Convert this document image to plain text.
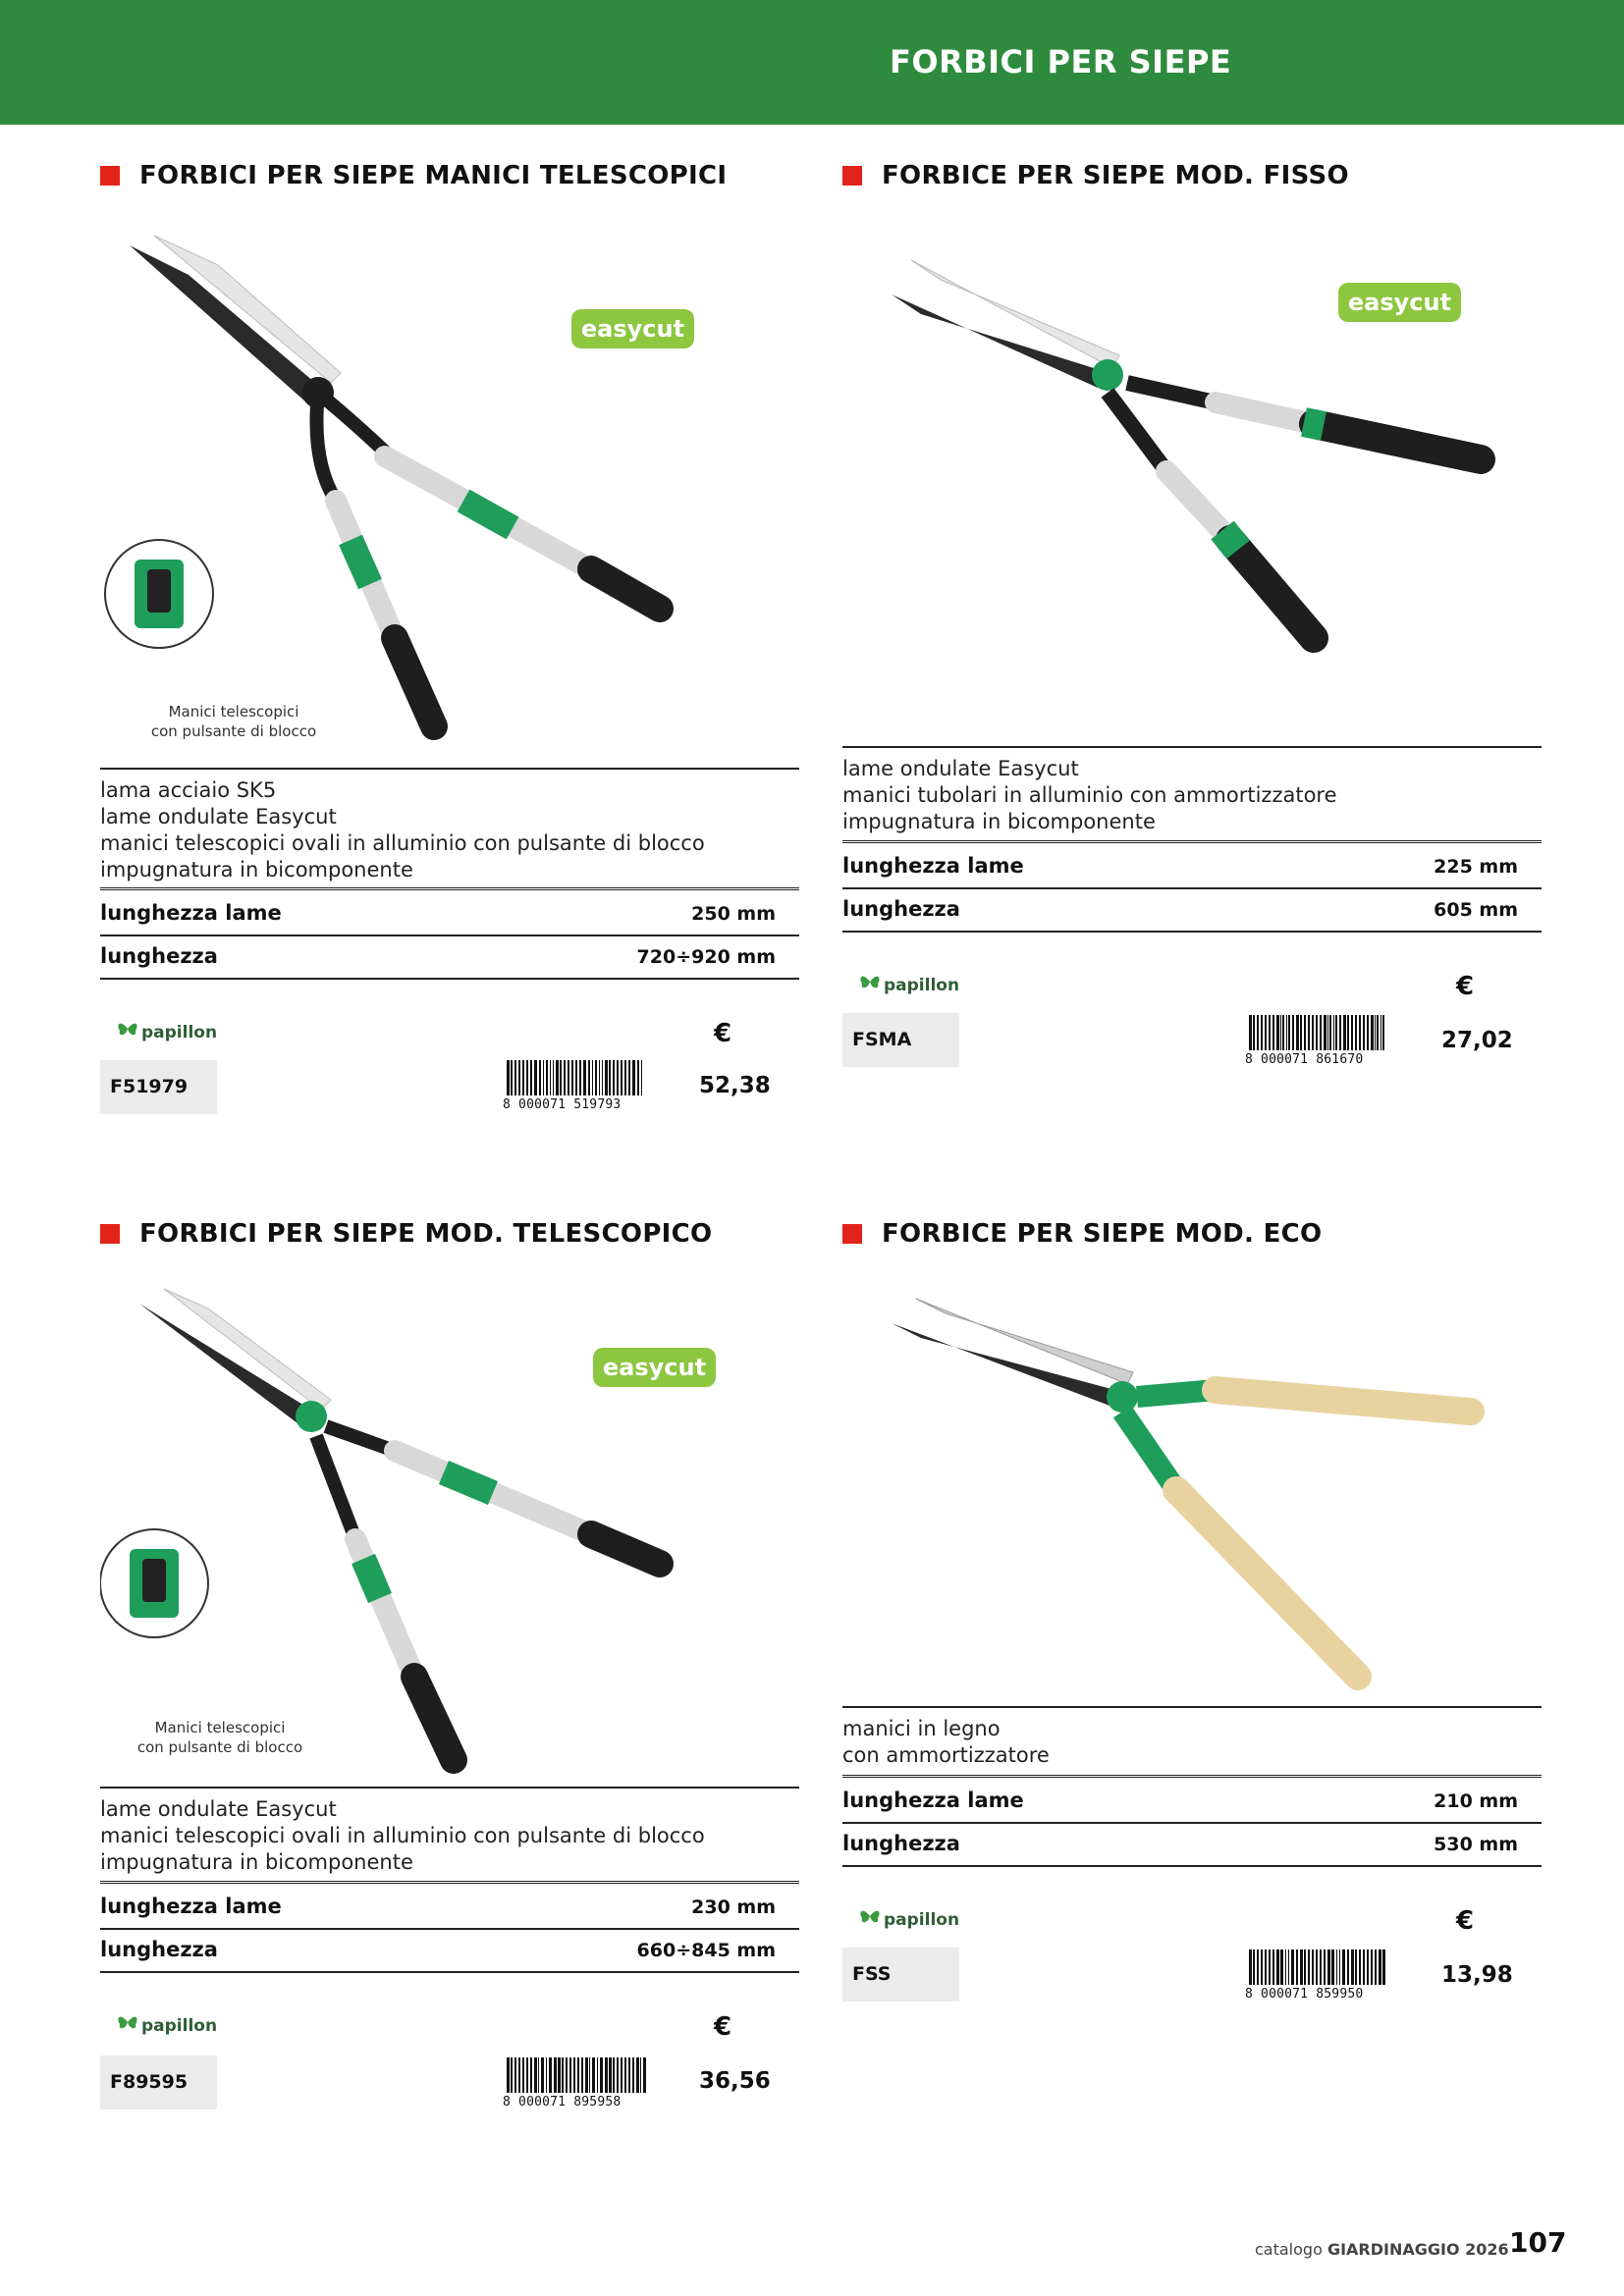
FORBICI PER SIEPE
FORBICI PER SIEPE MANICI TELESCOPICI
easycut
Manici telescopici
con pulsante di blocco
lama acciaio SK5
lame ondulate Easycut
manici telescopici ovali in alluminio con pulsante di blocco
impugnatura in bicomponente
lunghezza lame	250 mm
lunghezza	720÷920 mm
papillon	€
F51979
8 000071 519793
52,38
FORBICE PER SIEPE MOD. FISSO
easycut
lame ondulate Easycut
manici tubolari in alluminio con ammortizzatore
impugnatura in bicomponente
lunghezza lame	225 mm
lunghezza	605 mm
papillon	€
FSMA
8 000071 861670
27,02
FORBICI PER SIEPE MOD. TELESCOPICO
easycut
Manici telescopici
con pulsante di blocco
lame ondulate Easycut
manici telescopici ovali in alluminio con pulsante di blocco
impugnatura in bicomponente
lunghezza lame	230 mm
lunghezza	660÷845 mm
papillon	€
F89595
8 000071 895958
36,56
FORBICE PER SIEPE MOD. ECO
manici in legno
con ammortizzatore
lunghezza lame	210 mm
lunghezza	530 mm
papillon	€
FSS
8 000071 859950
13,98
catalogo GIARDINAGGIO 2026 107
